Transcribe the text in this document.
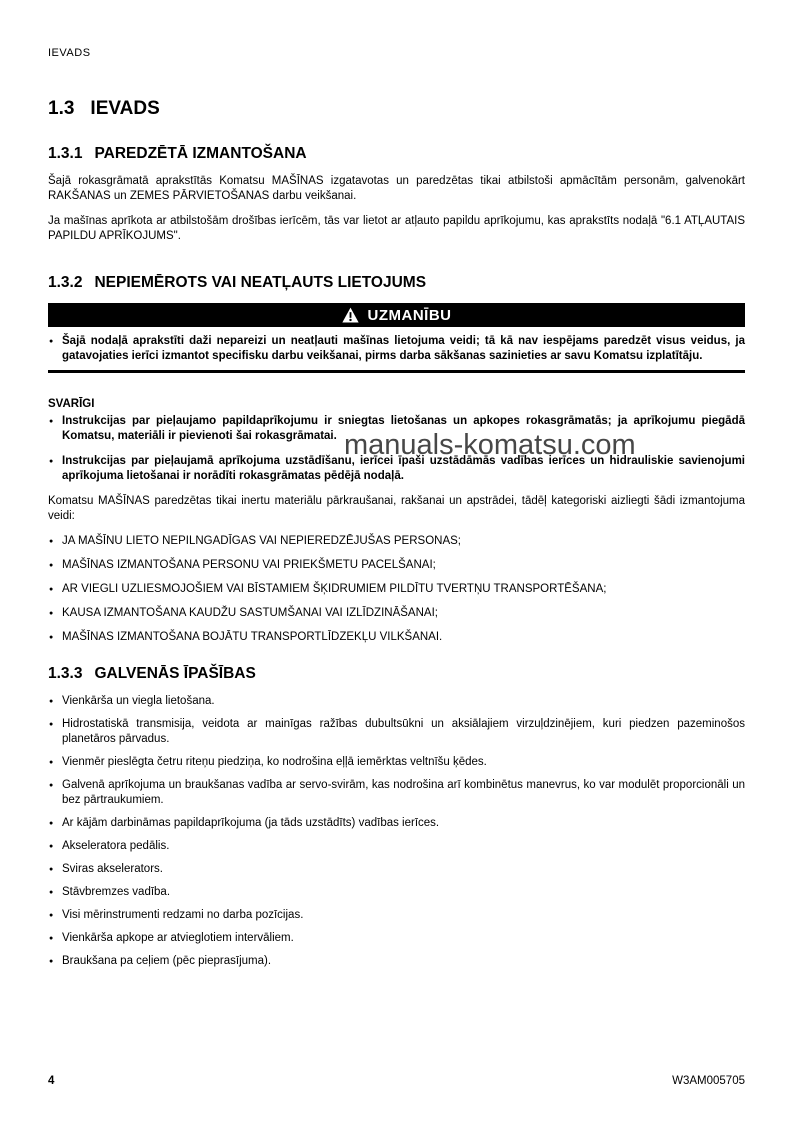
IEVADS
1.3 IEVADS
1.3.1 PAREDZĒTĀ IZMANTOŠANA

Šajā rokasgrāmatā aprakstītās Komatsu MAŠĪNAS izgatavotas un paredzētas tikai atbilstoši apmācītām personām, galvenokārt RAKŠANAS un ZEMES PĀRVIETOŠANAS darbu veikšanai.

Ja mašīnas aprīkota ar atbilstošām drošības ierīcēm, tās var lietot ar atļauto papildu aprīkojumu, kas aprakstīts nodaļā "6.1 ATĻAUTAIS PAPILDU APRĪKOJUMS".

1.3.2 NEPIEMĒROTS VAI NEATĻAUTS LIETOJUMS
UZMANĪBU
● Šajā nodaļā aprakstīti daži nepareizi un neatļauti mašīnas lietojuma veidi; tā kā nav iespējams paredzēt visus veidus, ja gatavojaties ierīci izmantot specifisku darbu veikšanai, pirms darba sākšanas sazinieties ar savu Komatsu izplatītāju.
SVARĪGI
● Instrukcijas par pieļaujamo papildaprīkojumu ir sniegtas lietošanas un apkopes rokasgrāmatās; ja aprīkojumu piegādā Komatsu, materiāli ir pievienoti šai rokasgrāmatai.
● Instrukcijas par pieļaujamā aprīkojuma uzstādīšanu, ierīcei īpaši uzstādāmās vadības ierīces un hidrauliskie savienojumi aprīkojuma lietošanai ir norādīti rokasgrāmatas pēdējā nodaļā.

Komatsu MAŠĪNAS paredzētas tikai inertu materiālu pārkraušanai, rakšanai un apstrādei, tādēļ kategoriski aizliegti šādi izmantojuma veidi:

● JA MAŠĪNU LIETO NEPILNGADĪGAS VAI NEPIEREDZĒJUŠAS PERSONAS;
● MAŠĪNAS IZMANTOŠANA PERSONU VAI PRIEKŠMETU PACELŠANAI;
● AR VIEGLI UZLIESMOJOŠIEM VAI BĪSTAMIEM ŠĶIDRUMIEM PILDĪTU TVERTŅU TRANSPORTĒŠANA;
● KAUSA IZMANTOŠANA KAUDŽU SASTUMŠANAI VAI IZLĪDZINĀŠANAI;
● MAŠĪNAS IZMANTOŠANA BOJĀTU TRANSPORTLĪDZEKĻU VILKŠANAI.
1.3.3 GALVENĀS ĪPAŠĪBAS
● Vienkārša un viegla lietošana.
● Hidrostatiskā transmisija, veidota ar mainīgas ražības dubultsūkni un aksiālajiem virzuļdzinējiem, kuri piedzen pazeminošos planetāros pārvadus.
● Vienmēr pieslēgta četru riteņu piedziņa, ko nodrošina eļļā iemērktas veltnīšu ķēdes.
● Galvenā aprīkojuma un braukšanas vadība ar servo-svirām, kas nodrošina arī kombinētus manevrus, ko var modulēt proporcionāli un bez pārtraukumiem.
● Ar kājām darbināmas papildaprīkojuma (ja tāds uzstādīts) vadības ierīces.
● Akseleratora pedālis.
● Sviras akselerators.
● Stāvbremzes vadība.
● Visi mērinstrumenti redzami no darba pozīcijas.
● Vienkārša apkope ar atvieglotiem intervāliem.
● Braukšana pa ceļiem (pēc pieprasījuma).
manuals-komatsu.com
4	W3AM005705
